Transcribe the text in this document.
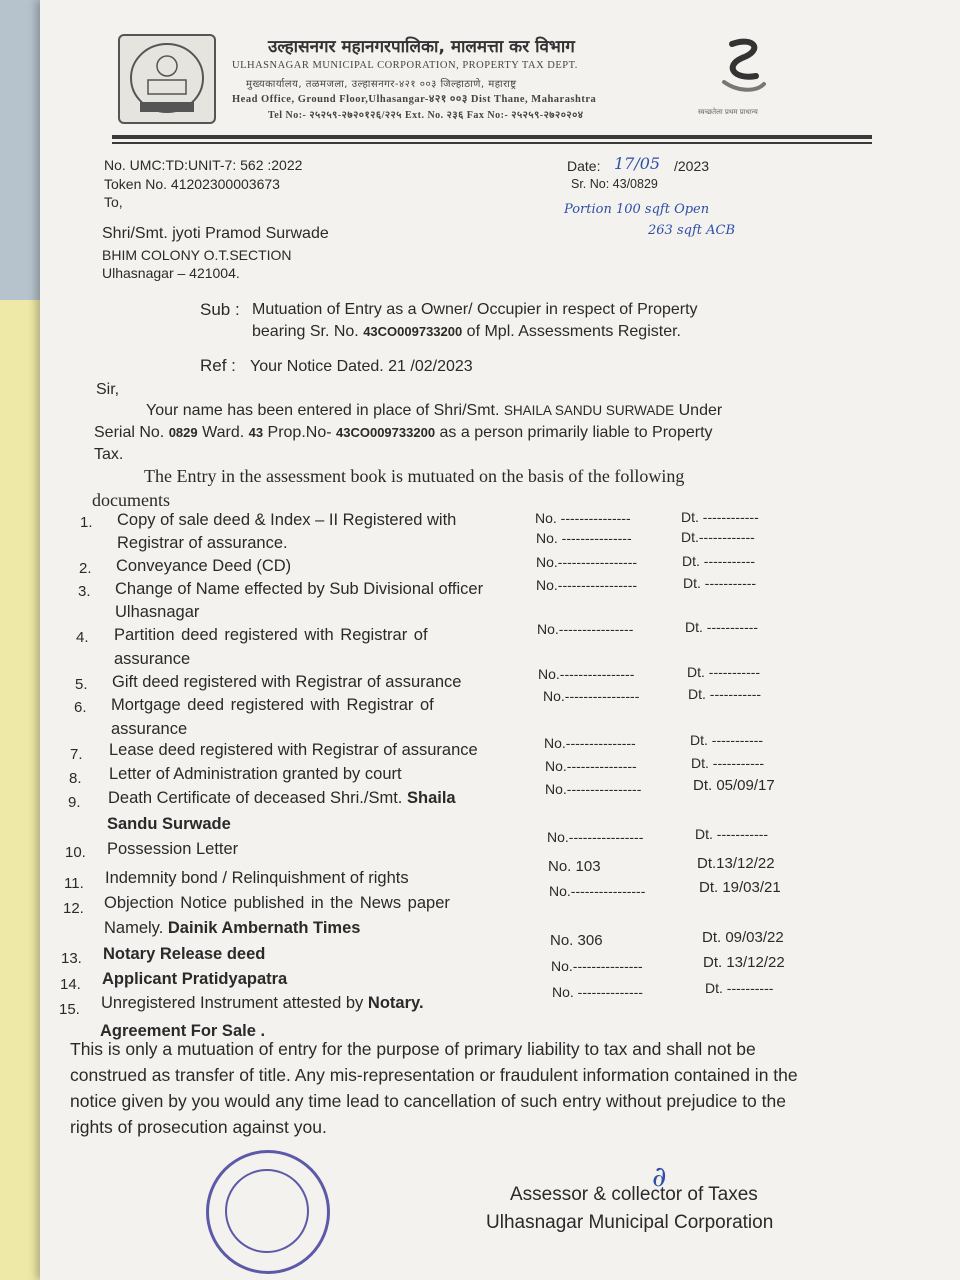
उल्हासनगर महानगरपालिका, मालमत्ता कर विभाग
ULHASNAGAR MUNICIPAL CORPORATION, PROPERTY TAX DEPT.
मुख्यकार्यालय, तळमजला, उल्हासनगर-४२१ ००३ जिल्हाठाणे, महाराष्ट्र
Head Office, Ground Floor,Ulhasangar-४२१ ००३ Dist Thane, Maharashtra
Tel No:- २५२५९-२७२०१२६/२२५ Ext. No. २३६ Fax No:- २५२५९-२७२०२०४	स्वच्छतेला प्रथम प्राधान्य
No. UMC:TD:UNIT-7: 562 :2022
Token No. 41202300003673
To,
Date: 17/05 /2023
Sr. No: 43/0829
Portion 100 sqft Open
263 sqft ACB
Shri/Smt. jyoti Pramod Surwade
BHIM COLONY O.T.SECTION
Ulhasnagar – 421004.
Sub : Mutuation of Entry as a Owner/ Occupier in respect of Property
bearing Sr. No. 43CO009733200 of Mpl. Assessments Register.
Ref : Your Notice Dated. 21 /02/2023
Sir,
Your name has been entered in place of Shri/Smt. SHAILA SANDU SURWADE Under
Serial No. 0829 Ward. 43 Prop.No- 43CO009733200 as a person primarily liable to Property
Tax.
The Entry in the assessment book is mutuated on the basis of the following
documents
1. Copy of sale deed & Index – II Registered with
Registrar of assurance.
No. ---------------	Dt. ------------
No. ---------------	Dt.------------
2. Conveyance Deed (CD)	No.-----------------	Dt. -----------
3. Change of Name effected by Sub Divisional officer
Ulhasnagar
No.-----------------	Dt. -----------
4. Partition deed registered with Registrar of
assurance
No.----------------	Dt. -----------
5. Gift deed registered with Registrar of assurance	No.----------------	Dt. -----------
6. Mortgage deed registered with Registrar of
assurance
No.----------------	Dt. -----------
7. Lease deed registered with Registrar of assurance	No.---------------	Dt. -----------
8. Letter of Administration granted by court	No.---------------	Dt. -----------
9. Death Certificate of deceased Shri./Smt. Shaila
Sandu Surwade
No.----------------	Dt. 05/09/17
10. Possession Letter
No.----------------	Dt. -----------
11. Indemnity bond / Relinquishment of rights
No. 103	Dt.13/12/22
12. Objection Notice published in the News paper
Namely. Dainik Ambernath Times
No.----------------	Dt. 19/03/21
13. Notary Release deed
No. 306	Dt. 09/03/22
14. Applicant Pratidyapatra
No.---------------	Dt. 13/12/22
15. Unregistered Instrument attested by Notary.
Agreement For Sale .
No. --------------	Dt. ----------
This is only a mutuation of entry for the purpose of primary liability to tax and shall not be construed as transfer of title. Any mis-representation or fraudulent information contained in the notice given by you would any time lead to cancellation of such entry without prejudice to the rights of prosecution against you.
∂
Assessor & collector of Taxes
Ulhasnagar Municipal Corporation
